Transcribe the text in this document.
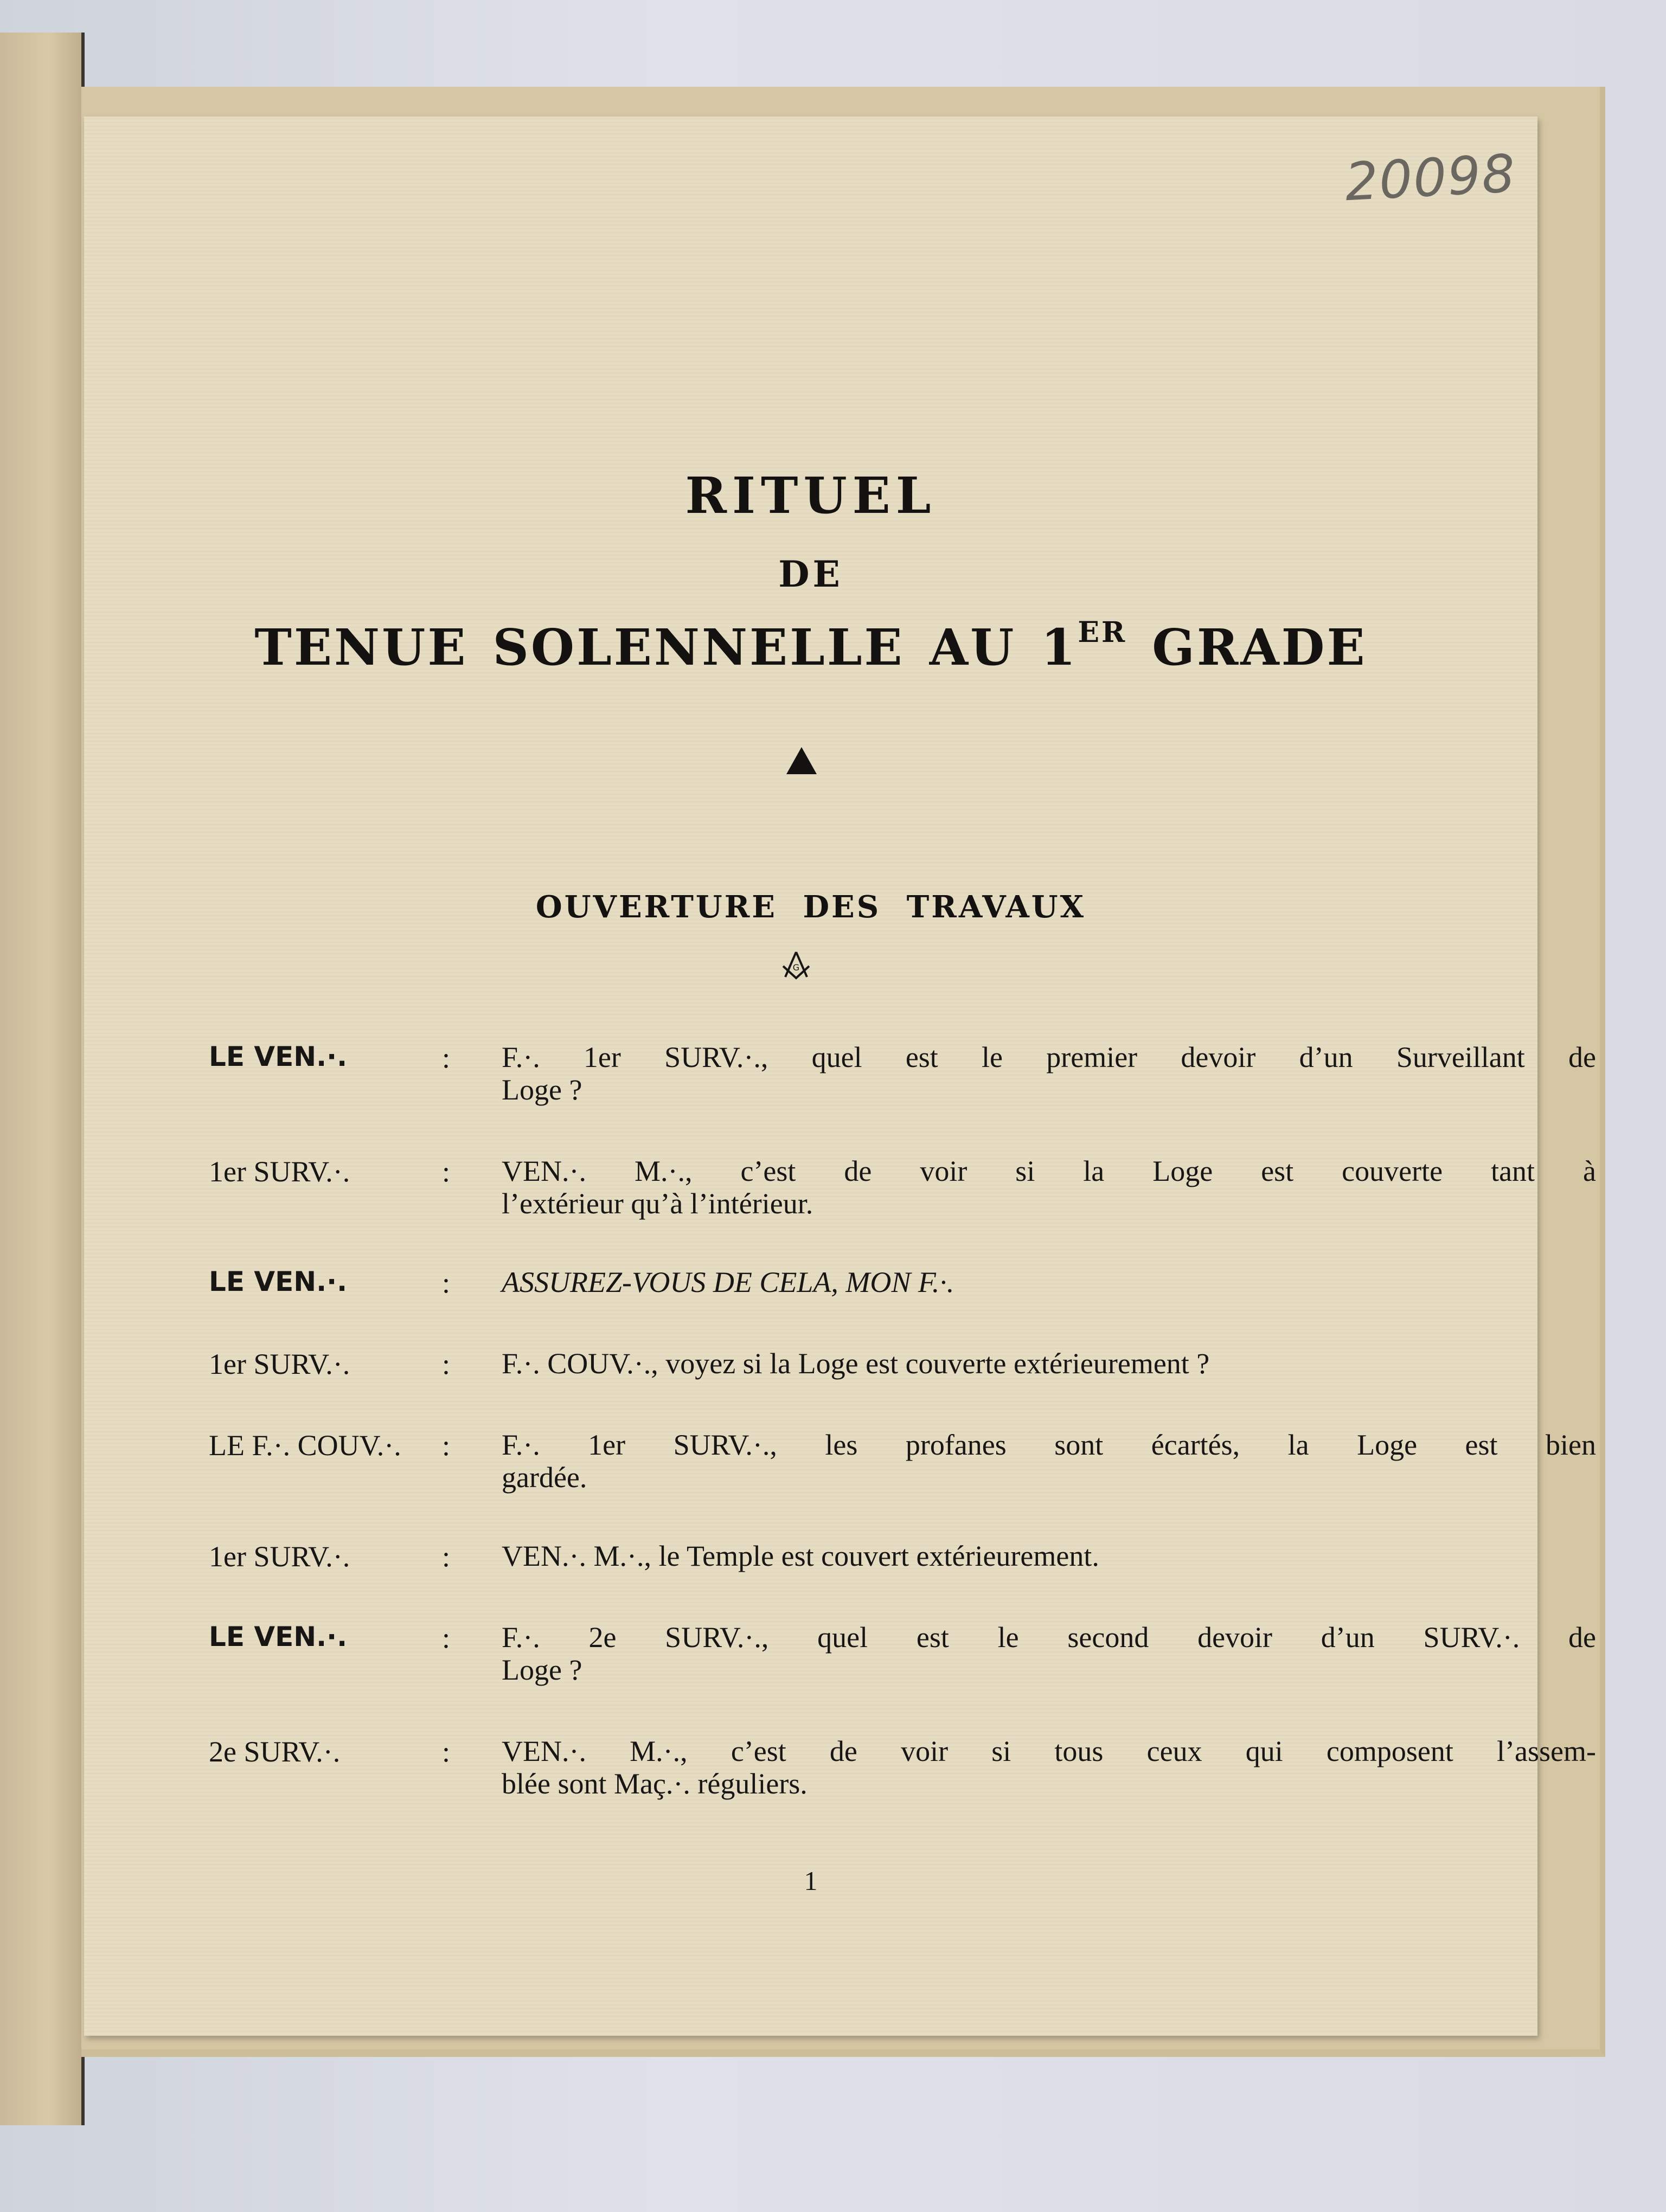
20098
RITUEL
DE
TENUE SOLENNELLE AU 1ER GRADE
OUVERTURE DES TRAVAUX
G
LE VEN.·.	: F.·. 1er SURV.·., quel est le premier devoir d’un Surveillant de
Loge ?
1er SURV.·.	: VEN.·. M.·., c’est de voir si la Loge est couverte tant à
l’extérieur qu’à l’intérieur.
LE VEN.·.	: ASSUREZ-VOUS DE CELA, MON F.·.
1er SURV.·.	: F.·. COUV.·., voyez si la Loge est couverte extérieurement ?
LE F.·. COUV.·.	: F.·. 1er SURV.·., les profanes sont écartés, la Loge est bien
gardée.
1er SURV.·.	: VEN.·. M.·., le Temple est couvert extérieurement.
LE VEN.·.	: F.·. 2e SURV.·., quel est le second devoir d’un SURV.·. de
Loge ?
2e SURV.·.	: VEN.·. M.·., c’est de voir si tous ceux qui composent l’assem-
blée sont Maç.·. réguliers.
1
